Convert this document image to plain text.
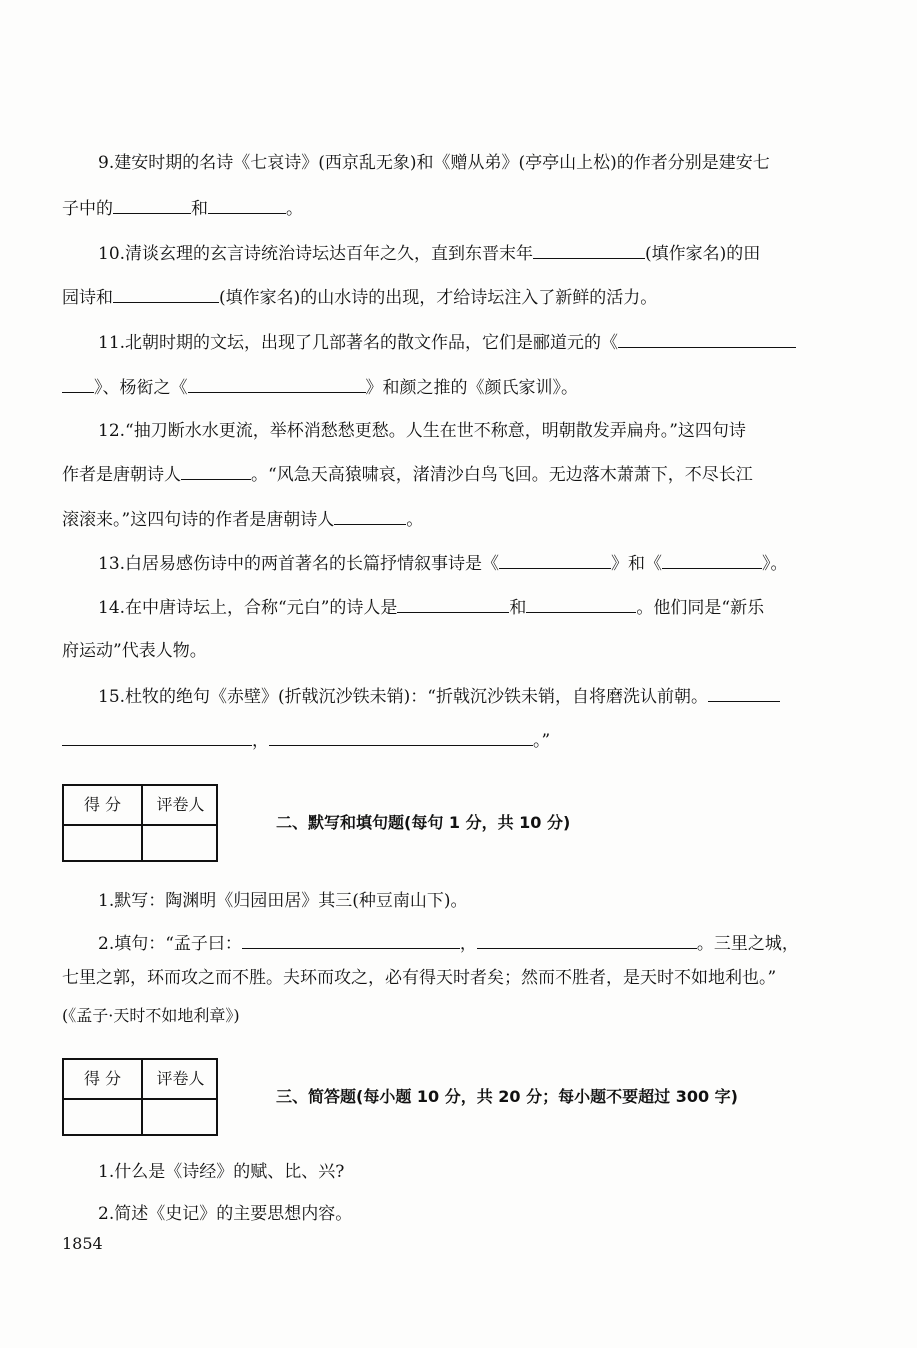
9.建安时期的名诗《七哀诗》(西京乱无象)和《赠从弟》(亭亭山上松)的作者分别是建安七
子中的	和	。
10.清谈玄理的玄言诗统治诗坛达百年之久，直到东晋末年	(填作家名)的田
园诗和	(填作家名)的山水诗的出现，才给诗坛注入了新鲜的活力。
11.北朝时期的文坛，出现了几部著名的散文作品，它们是郦道元的《
》、杨衒之《	》和颜之推的《颜氏家训》。
12.“抽刀断水水更流，举杯消愁愁更愁。人生在世不称意，明朝散发弄扁舟。”这四句诗
作者是唐朝诗人	。“风急天高猿啸哀，渚清沙白鸟飞回。无边落木萧萧下，不尽长江
滚滚来。”这四句诗的作者是唐朝诗人	。
13.白居易感伤诗中的两首著名的长篇抒情叙事诗是《	》和《	》。
14.在中唐诗坛上，合称“元白”的诗人是	和	。他们同是“新乐
府运动”代表人物。
15.杜牧的绝句《赤壁》(折戟沉沙铁未销)：“折戟沉沙铁未销，自将磨洗认前朝。
，	。”
得 分	评卷人
二、默写和填句题(每句 1 分，共 10 分)
1.默写：陶渊明《归园田居》其三(种豆南山下)。
2.填句：“孟子曰：	，	。三里之城，
七里之郭，环而攻之而不胜。夫环而攻之，必有得天时者矣；然而不胜者，是天时不如地利也。”
(《孟子·天时不如地利章》)
得 分	评卷人
三、简答题(每小题 10 分，共 20 分；每小题不要超过 300 字)
1.什么是《诗经》的赋、比、兴?
2.简述《史记》的主要思想内容。
1854
